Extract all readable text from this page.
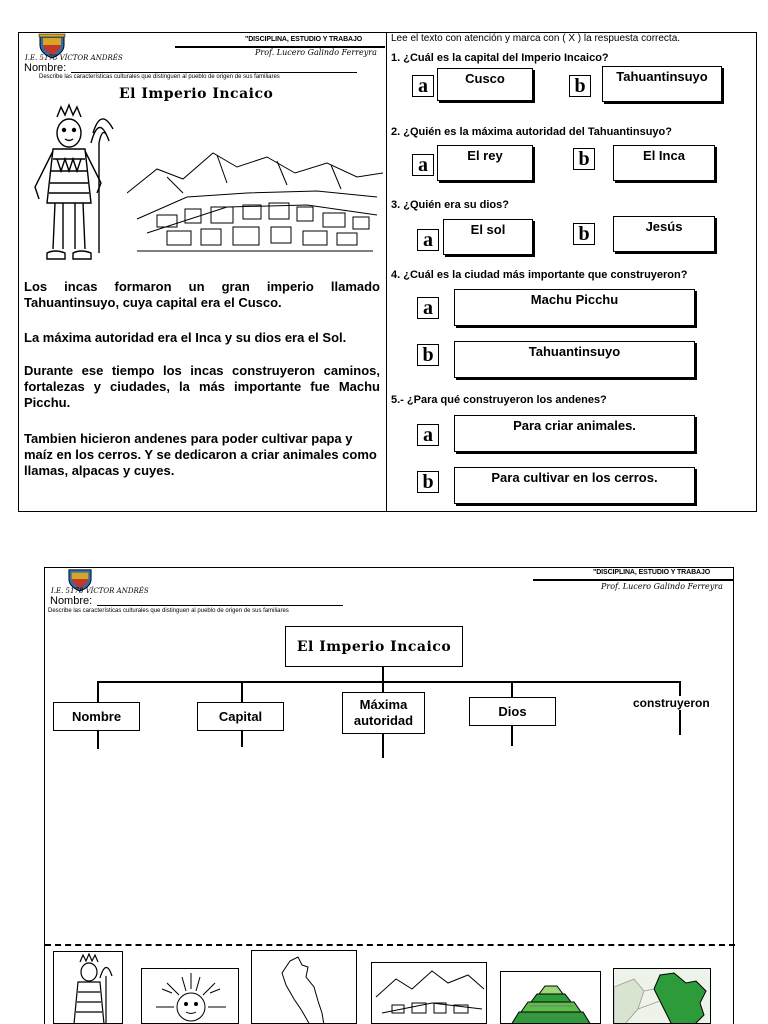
I.E. 5178 VÍCTOR ANDRÉS
Nombre:
Describe las características culturales que distinguen al pueblo de origen de sus familiares
"DISCIPLINA, ESTUDIO Y TRABAJO
Prof. Lucero Galindo Ferreyra
El Imperio Incaico
Los incas formaron un gran imperio llamado Tahuantinsuyo, cuya capital era el Cusco.
La máxima autoridad era el Inca y su dios era el Sol.
Durante ese tiempo los incas construyeron caminos, fortalezas y ciudades, la más importante fue Machu Picchu.
Tambien hicieron andenes para poder cultivar papa y maíz en los cerros. Y se dedicaron a criar animales como llamas, alpacas y cuyes.
Lee el texto con atención y marca con ( X ) la respuesta correcta.
1. ¿Cuál es la capital del Imperio Incaico?
a	Cusco	b	Tahuantinsuyo
2. ¿Quién es la máxima autoridad del Tahuantinsuyo?
a	El rey	b	El Inca
3. ¿Quién era su dios?
a	El sol	b	Jesús
4. ¿Cuál es la ciudad más importante que construyeron?
a	Machu Picchu
b	Tahuantinsuyo
5.- ¿Para qué construyeron los andenes?
a	Para criar animales.
b	Para cultivar en los cerros.
I.E. 5178 VÍCTOR ANDRÉS
Nombre:
Describe las características culturales que distinguen al pueblo de origen de sus familiares
"DISCIPLINA, ESTUDIO Y TRABAJO
Prof. Lucero Galindo Ferreyra
El Imperio Incaico
Nombre	Capital
Máxima autoridad
Dios
construyeron
